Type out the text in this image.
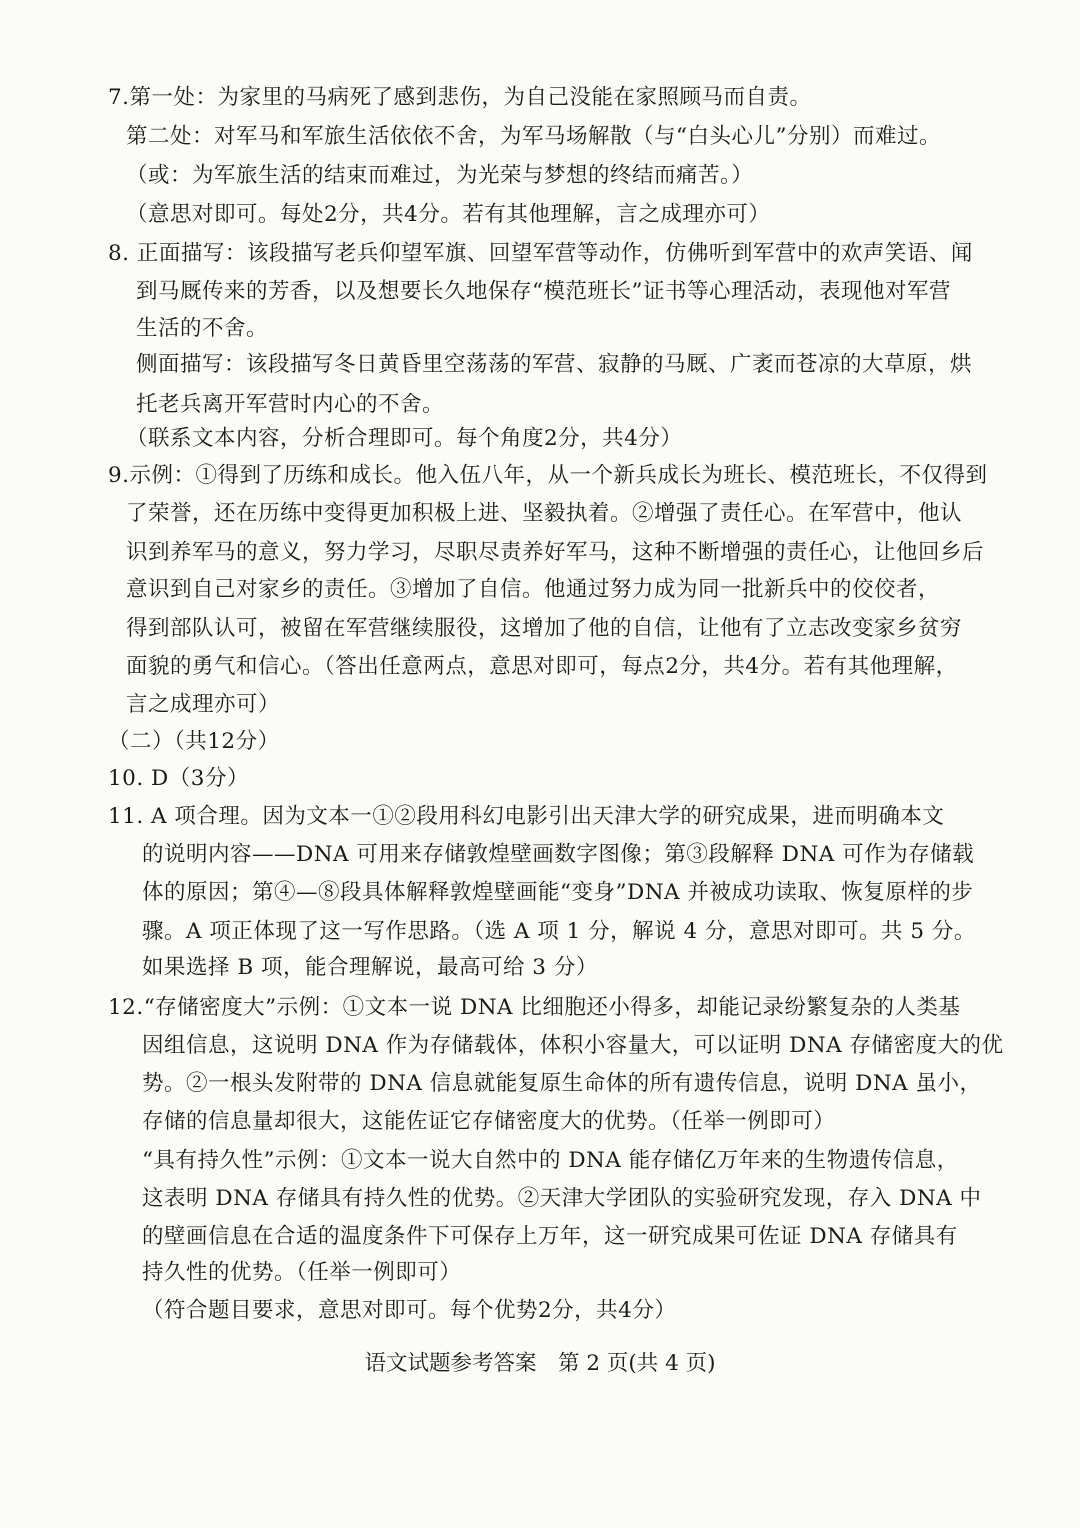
7.第一处：为家里的马病死了感到悲伤，为自己没能在家照顾马而自责。
第二处：对军马和军旅生活依依不舍，为军马场解散（与“白头心儿”分别）而难过。
（或：为军旅生活的结束而难过，为光荣与梦想的终结而痛苦。）
（意思对即可。每处2分，共4分。若有其他理解，言之成理亦可）
8. 正面描写：该段描写老兵仰望军旗、回望军营等动作，仿佛听到军营中的欢声笑语、闻
到马厩传来的芳香，以及想要长久地保存“模范班长”证书等心理活动，表现他对军营
生活的不舍。
侧面描写：该段描写冬日黄昏里空荡荡的军营、寂静的马厩、广袤而苍凉的大草原，烘
托老兵离开军营时内心的不舍。
（联系文本内容，分析合理即可。每个角度2分，共4分）
9.示例：①得到了历练和成长。他入伍八年，从一个新兵成长为班长、模范班长，不仅得到
了荣誉，还在历练中变得更加积极上进、坚毅执着。②增强了责任心。在军营中，他认
识到养军马的意义，努力学习，尽职尽责养好军马，这种不断增强的责任心，让他回乡后
意识到自己对家乡的责任。③增加了自信。他通过努力成为同一批新兵中的佼佼者，
得到部队认可，被留在军营继续服役，这增加了他的自信，让他有了立志改变家乡贫穷
面貌的勇气和信心。（答出任意两点，意思对即可，每点2分，共4分。若有其他理解，
言之成理亦可）
（二）（共12分）
10. D（3分）
11. A 项合理。因为文本一①②段用科幻电影引出天津大学的研究成果，进而明确本文
的说明内容——DNA 可用来存储敦煌壁画数字图像；第③段解释 DNA 可作为存储载
体的原因；第④—⑧段具体解释敦煌壁画能“变身”DNA 并被成功读取、恢复原样的步
骤。A 项正体现了这一写作思路。（选 A 项 1 分，解说 4 分，意思对即可。共 5 分。
如果选择 B 项，能合理解说，最高可给 3 分）
12.“存储密度大”示例：①文本一说 DNA 比细胞还小得多，却能记录纷繁复杂的人类基
因组信息，这说明 DNA 作为存储载体，体积小容量大，可以证明 DNA 存储密度大的优
势。②一根头发附带的 DNA 信息就能复原生命体的所有遗传信息，说明 DNA 虽小，
存储的信息量却很大，这能佐证它存储密度大的优势。（任举一例即可）
“具有持久性”示例：①文本一说大自然中的 DNA 能存储亿万年来的生物遗传信息，
这表明 DNA 存储具有持久性的优势。②天津大学团队的实验研究发现，存入 DNA 中
的壁画信息在合适的温度条件下可保存上万年，这一研究成果可佐证 DNA 存储具有
持久性的优势。（任举一例即可）
（符合题目要求，意思对即可。每个优势2分，共4分）
语文试题参考答案　第 2 页(共 4 页)
